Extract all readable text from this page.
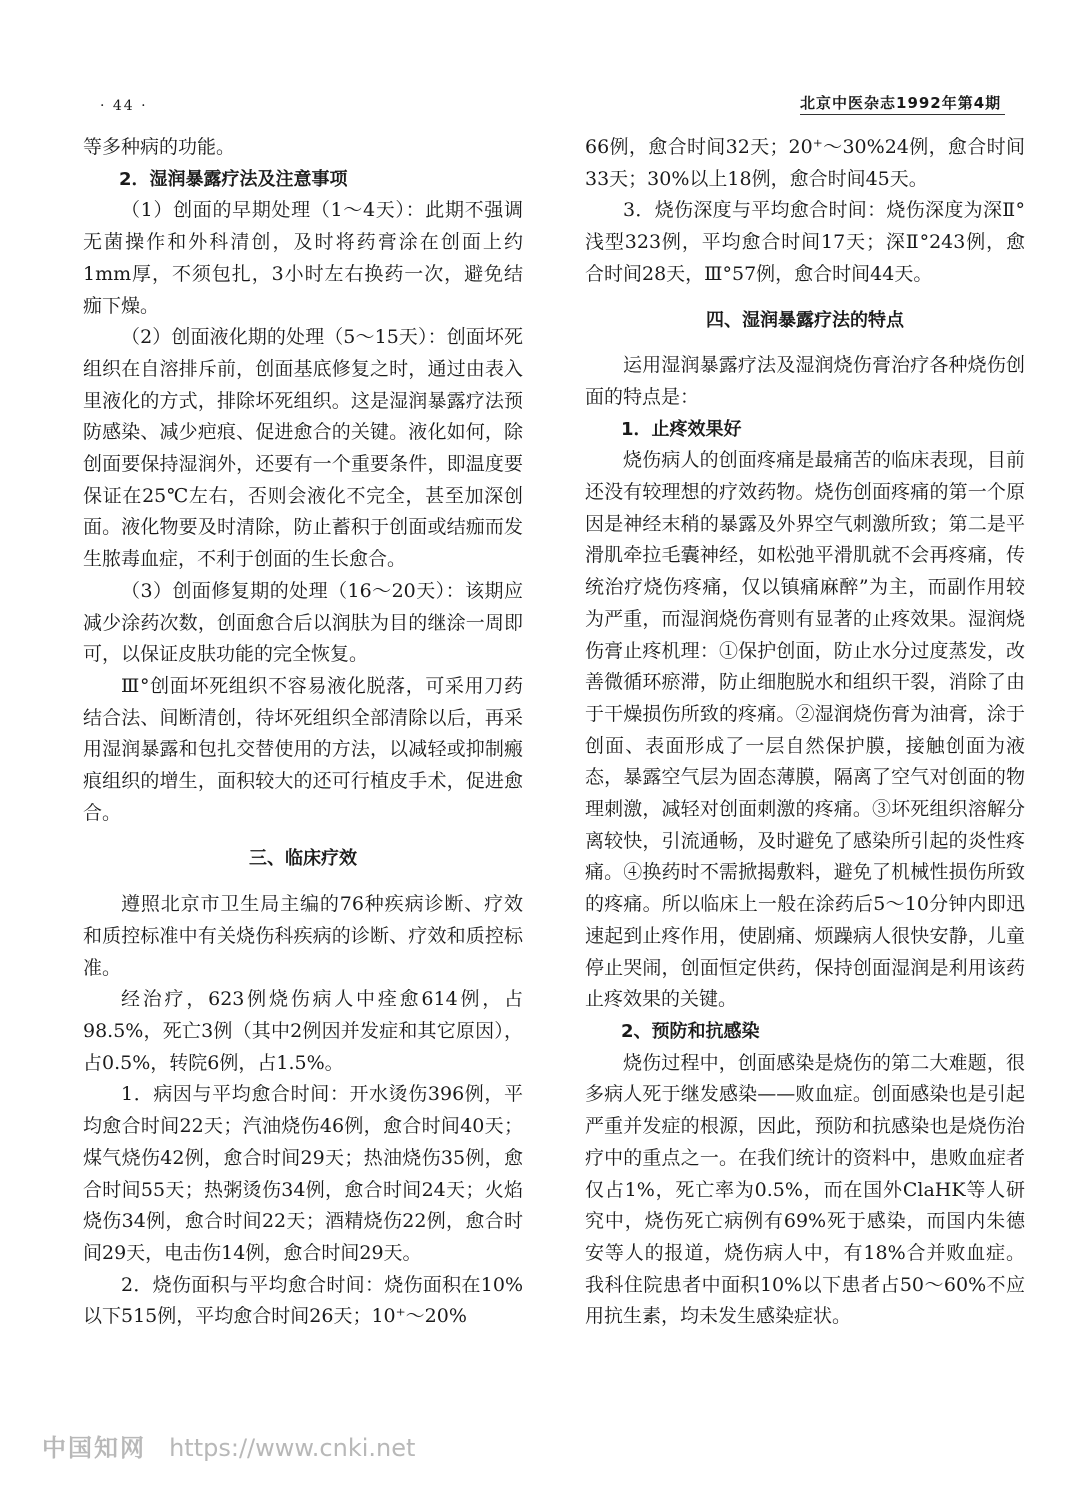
· 44 ·	北京中医杂志1992年第4期

等多种病的功能。

2．湿润暴露疗法及注意事项

（1）创面的早期处理（1～4天）：此期不强调无菌操作和外科清创，及时将药膏涂在创面上约1mm厚，不须包扎，3小时左右换药一次，避免结痂下燥。

（2）创面液化期的处理（5～15天）：创面坏死组织在自溶排斥前，创面基底修复之时，通过由表入里液化的方式，排除坏死组织。这是湿润暴露疗法预防感染、减少疤痕、促进愈合的关键。液化如何，除创面要保持湿润外，还要有一个重要条件，即温度要保证在25℃左右，否则会液化不完全，甚至加深创面。液化物要及时清除，防止蓄积于创面或结痂而发生脓毒血症，不利于创面的生长愈合。

（3）创面修复期的处理（16～20天）：该期应减少涂药次数，创面愈合后以润肤为目的继涂一周即可，以保证皮肤功能的完全恢复。

Ⅲ°创面坏死组织不容易液化脱落，可采用刀药结合法、间断清创，待坏死组织全部清除以后，再采用湿润暴露和包扎交替使用的方法，以减轻或抑制瘢痕组织的增生，面积较大的还可行植皮手术，促进愈合。

三、临床疗效

遵照北京市卫生局主编的76种疾病诊断、疗效和质控标准中有关烧伤科疾病的诊断、疗效和质控标准。

经治疗，623例烧伤病人中痊愈614例，占98.5%，死亡3例（其中2例因并发症和其它原因），占0.5%，转院6例，占1.5%。

1．病因与平均愈合时间：开水烫伤396例，平均愈合时间22天；汽油烧伤46例，愈合时间40天；煤气烧伤42例，愈合时间29天；热油烧伤35例，愈合时间55天；热粥烫伤34例，愈合时间24天；火焰烧伤34例，愈合时间22天；酒精烧伤22例，愈合时间29天，电击伤14例，愈合时间29天。

2．烧伤面积与平均愈合时间：烧伤面积在10%以下515例，平均愈合时间26天；10⁺～20%

66例，愈合时间32天；20⁺～30%24例，愈合时间33天；30%以上18例，愈合时间45天。

3．烧伤深度与平均愈合时间：烧伤深度为深Ⅱ°浅型323例，平均愈合时间17天；深Ⅱ°243例，愈合时间28天，Ⅲ°57例，愈合时间44天。

四、湿润暴露疗法的特点

运用湿润暴露疗法及湿润烧伤膏治疗各种烧伤创面的特点是：

1．止疼效果好

烧伤病人的创面疼痛是最痛苦的临床表现，目前还没有较理想的疗效药物。烧伤创面疼痛的第一个原因是神经末稍的暴露及外界空气刺激所致；第二是平滑肌牵拉毛囊神经，如松弛平滑肌就不会再疼痛，传统治疗烧伤疼痛，仅以镇痛麻醉”为主，而副作用较为严重，而湿润烧伤膏则有显著的止疼效果。湿润烧伤膏止疼机理：①保护创面，防止水分过度蒸发，改善微循环瘀滞，防止细胞脱水和组织干裂，消除了由于干燥损伤所致的疼痛。②湿润烧伤膏为油膏，涂于创面、表面形成了一层自然保护膜，接触创面为液态，暴露空气层为固态薄膜，隔离了空气对创面的物理刺激，减轻对创面刺激的疼痛。③坏死组织溶解分离较快，引流通畅，及时避免了感染所引起的炎性疼痛。④换药时不需掀揭敷料，避免了机械性损伤所致的疼痛。所以临床上一般在涂药后5～10分钟内即迅速起到止疼作用，使剧痛、烦躁病人很快安静，儿童停止哭闹，创面恒定供药，保持创面湿润是利用该药止疼效果的关键。

2、预防和抗感染

烧伤过程中，创面感染是烧伤的第二大难题，很多病人死于继发感染——败血症。创面感染也是引起严重并发症的根源，因此，预防和抗感染也是烧伤治疗中的重点之一。在我们统计的资料中，患败血症者仅占1%，死亡率为0.5%，而在国外ClaHK等人研究中，烧伤死亡病例有69%死于感染，而国内朱德安等人的报道，烧伤病人中，有18%合并败血症。我科住院患者中面积10%以下患者占50～60%不应用抗生素，均未发生感染症状。

中国知网 https://www.cnki.net
